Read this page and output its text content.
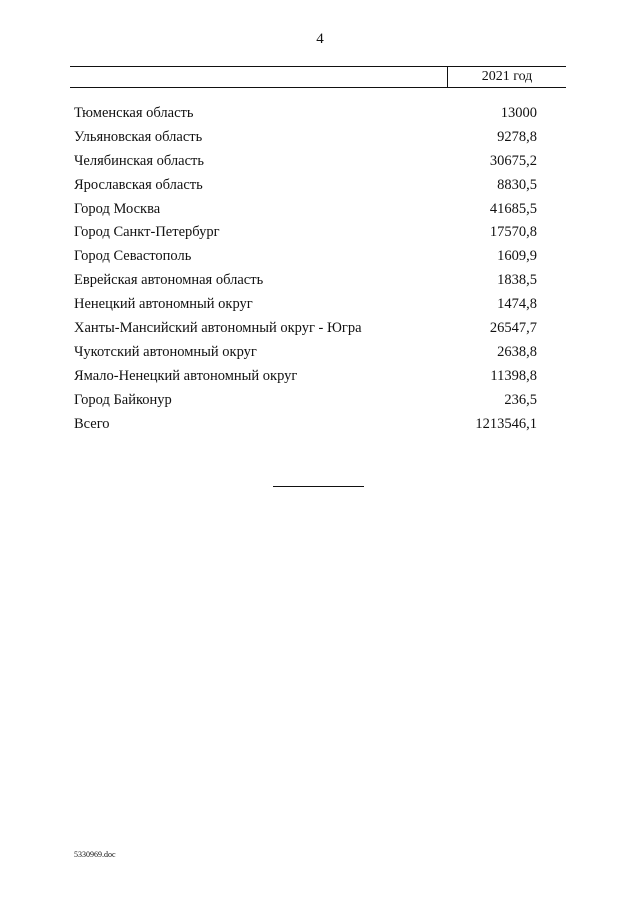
4
2021 год
Тюменская область	13000
Ульяновская область	9278,8
Челябинская область	30675,2
Ярославская область	8830,5
Город Москва	41685,5
Город Санкт-Петербург	17570,8
Город Севастополь	1609,9
Еврейская автономная область	1838,5
Ненецкий автономный округ	1474,8
Ханты-Мансийский автономный округ - Югра	26547,7
Чукотский автономный округ	2638,8
Ямало-Ненецкий автономный округ	11398,8
Город Байконур	236,5
Всего	1213546,1
5330969.doc
